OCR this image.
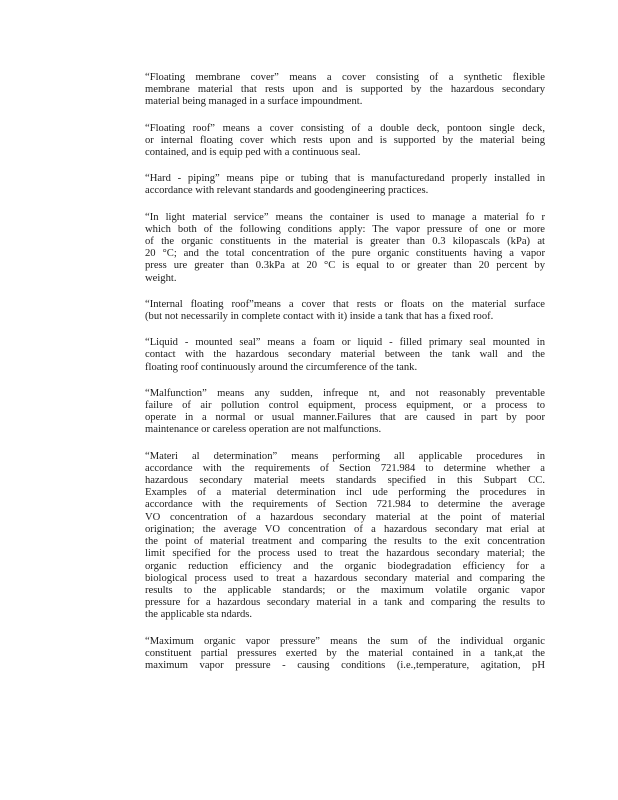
“Floating membrane cover” means a cover consisting of a synthetic flexible
membrane material that rests upon and is supported by the hazardous secondary
material being managed in a surface impoundment.
“Floating roof” means a cover consisting of a double deck, pontoon single deck,
or internal floating cover which rests upon and is supported by the material being
contained, and is equip ped with a continuous seal.
“Hard - piping” means pipe or tubing that is manufacturedand properly installed in
accordance with relevant standards and goodengineering practices.
“In light material service” means the container is used to manage a material fo r
which both of the following conditions apply: The vapor pressure of one or more
of the organic constituents in the material is greater than 0.3 kilopascals (kPa) at
20 °C; and the total concentration of the pure organic constituents having a vapor
press ure greater than 0.3kPa at 20 °C is equal to or greater than 20 percent by
weight.
“Internal floating roof”means a cover that rests or floats on the material surface
(but not necessarily in complete contact with it) inside a tank that has a fixed roof.
“Liquid - mounted seal” means a foam or liquid - filled primary seal mounted in
contact with the hazardous secondary material between the tank wall and the
floating roof continuously around the circumference of the tank.
“Malfunction” means any sudden, infreque nt, and not reasonably preventable
failure of air pollution control equipment, process equipment, or a process to
operate in a normal or usual manner.Failures that are caused in part by poor
maintenance or careless operation are not malfunctions.
“Materi al determination” means performing all applicable procedures in
accordance with the requirements of Section 721.984 to determine whether a
hazardous secondary material meets standards specified in this Subpart CC.
Examples of a material determination incl ude performing the procedures in
accordance with the requirements of Section 721.984 to determine the average
VO concentration of a hazardous secondary material at the point of material
origination; the average VO concentration of a hazardous secondary mat erial at
the point of material treatment and comparing the results to the exit concentration
limit specified for the process used to treat the hazardous secondary material; the
organic reduction efficiency and the organic biodegradation efficiency for a
biological process used to treat a hazardous secondary material and comparing the
results to the applicable standards; or the maximum volatile organic vapor
pressure for a hazardous secondary material in a tank and comparing the results to
the applicable sta ndards.
“Maximum organic vapor pressure” means the sum of the individual organic
constituent partial pressures exerted by the material contained in a tank,at the
maximum vapor pressure - causing conditions (i.e.,temperature, agitation, pH
